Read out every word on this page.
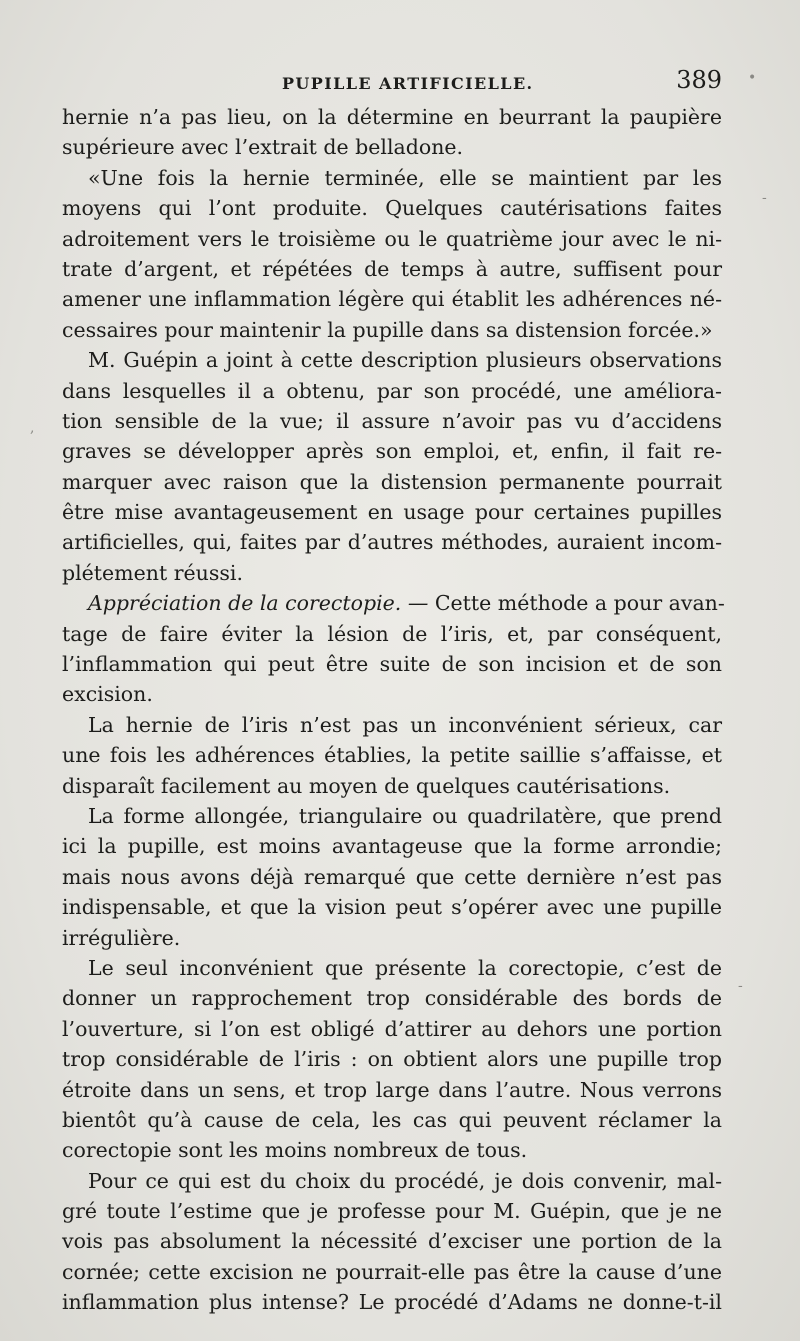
PUPILLE ARTIFICIELLE.	389
hernie n’a pas lieu, on la détermine en beurrant la paupière
supérieure avec l’extrait de belladone.
«Une fois la hernie terminée, elle se maintient par les
moyens qui l’ont produite. Quelques cautérisations faites
adroitement vers le troisième ou le quatrième jour avec le ni-
trate d’argent, et répétées de temps à autre, suffisent pour
amener une inflammation légère qui établit les adhérences né-
cessaires pour maintenir la pupille dans sa distension forcée.»
M. Guépin a joint à cette description plusieurs observations
dans lesquelles il a obtenu, par son procédé, une améliora-
tion sensible de la vue; il assure n’avoir pas vu d’accidens
graves se développer après son emploi, et, enfin, il fait re-
marquer avec raison que la distension permanente pourrait
être mise avantageusement en usage pour certaines pupilles
artificielles, qui, faites par d’autres méthodes, auraient incom-
plétement réussi.
Appréciation de la corectopie. — Cette méthode a pour avan-
tage de faire éviter la lésion de l’iris, et, par conséquent,
l’inflammation qui peut être suite de son incision et de son
excision.
La hernie de l’iris n’est pas un inconvénient sérieux, car
une fois les adhérences établies, la petite saillie s’affaisse, et
disparaît facilement au moyen de quelques cautérisations.
La forme allongée, triangulaire ou quadrilatère, que prend
ici la pupille, est moins avantageuse que la forme arrondie;
mais nous avons déjà remarqué que cette dernière n’est pas
indispensable, et que la vision peut s’opérer avec une pupille
irrégulière.
Le seul inconvénient que présente la corectopie, c’est de
donner un rapprochement trop considérable des bords de
l’ouverture, si l’on est obligé d’attirer au dehors une portion
trop considérable de l’iris : on obtient alors une pupille trop
étroite dans un sens, et trop large dans l’autre. Nous verrons
bientôt qu’à cause de cela, les cas qui peuvent réclamer la
corectopie sont les moins nombreux de tous.
Pour ce qui est du choix du procédé, je dois convenir, mal-
gré toute l’estime que je professe pour M. Guépin, que je ne
vois pas absolument la nécessité d’exciser une portion de la
cornée; cette excision ne pourrait-elle pas être la cause d’une
inflammation plus intense? Le procédé d’Adams ne donne-t-il
•
-
-
,
